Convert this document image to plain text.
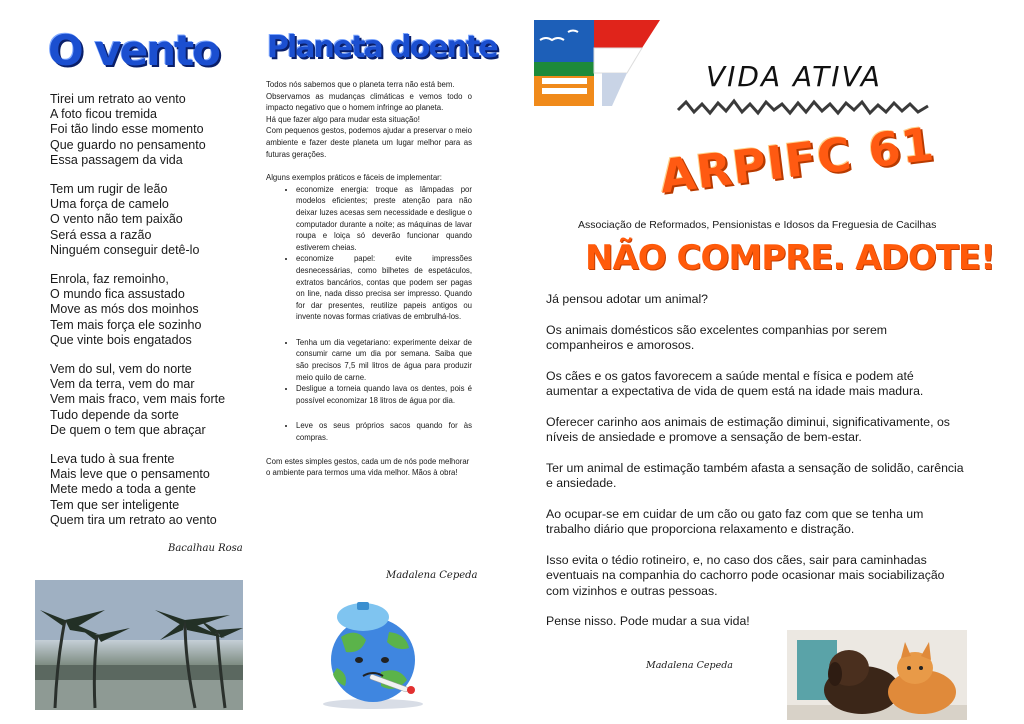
O vento
Tirei um retrato ao vento
A foto ficou tremida
Foi tão lindo esse momento
Que guardo no pensamento
Essa passagem da vida
Tem um rugir de leão
Uma força de camelo
O vento não tem paixão
Será essa a razão
Ninguém conseguir detê-lo
Enrola, faz remoinho,
O mundo fica assustado
Move as mós dos moinhos
Tem mais força ele sozinho
Que vinte bois engatados
Vem do sul, vem do norte
Vem da terra, vem do mar
Vem mais fraco, vem mais forte
Tudo depende da sorte
De quem o tem que abraçar
Leva tudo à sua frente
Mais leve que o pensamento
Mete medo a toda a gente
Tem que ser inteligente
Quem tira um retrato ao vento
Bacalhau Rosa
Planeta doente

Todos nós sabemos que o planeta terra não está bem.

Observamos as mudanças climáticas e vemos todo o impacto negativo que o homem infringe ao planeta.

Há que fazer algo para mudar esta situação!

Com pequenos gestos, podemos ajudar a preservar o meio ambiente e fazer deste planeta um lugar melhor para as futuras gerações.

Alguns exemplos práticos e fáceis de implementar:

• economize energia: troque as lâmpadas por modelos eficientes; preste atenção para não deixar luzes acesas sem necessidade e desligue o computador durante a noite; as máquinas de lavar roupa e loiça só deverão funcionar quando estiverem cheias.
• economize papel: evite impressões desnecessárias, como bilhetes de espetáculos, extratos bancários, contas que podem ser pagas on line, nada disso precisa ser impresso. Quando for dar presentes, reutilize papeis antigos ou invente novas formas criativas de embrulhá-los.
• Tenha um dia vegetariano: experimente deixar de consumir carne um dia por semana. Saiba que são precisos 7,5 mil litros de água para produzir meio quilo de carne.
• Desligue a torneia quando lava os dentes, pois é possível economizar 18 litros de água por dia.
• Leve os seus próprios sacos quando for às compras.

Com estes simples gestos, cada um de nós pode melhorar o ambiente para termos uma vida melhor. Mãos à obra!

Madalena Cepeda
VIDA ATIVA
ARPIFC 61
Associação de Reformados, Pensionistas e Idosos da Freguesia de Cacilhas
NÃO COMPRE. ADOTE!

Já pensou adotar um animal?

Os animais domésticos são excelentes companhias por serem companheiros e amorosos.

Os cães e os gatos favorecem a saúde mental e física e podem até aumentar a expectativa de vida de quem está na idade mais madura.

Oferecer carinho aos animais de estimação diminui, significativamente, os níveis de ansiedade e promove a sensação de bem-estar.

Ter um animal de estimação também afasta a sensação de solidão, carência e ansiedade.

Ao ocupar-se em cuidar de um cão ou gato faz com que se tenha um trabalho diário que proporciona relaxamento e distração.

Isso evita o tédio rotineiro, e, no caso dos cães, sair para caminhadas eventuais na companhia do cachorro pode ocasionar mais sociabilização com vizinhos e outras pessoas.

Pense nisso. Pode mudar a sua vida!

Madalena Cepeda
